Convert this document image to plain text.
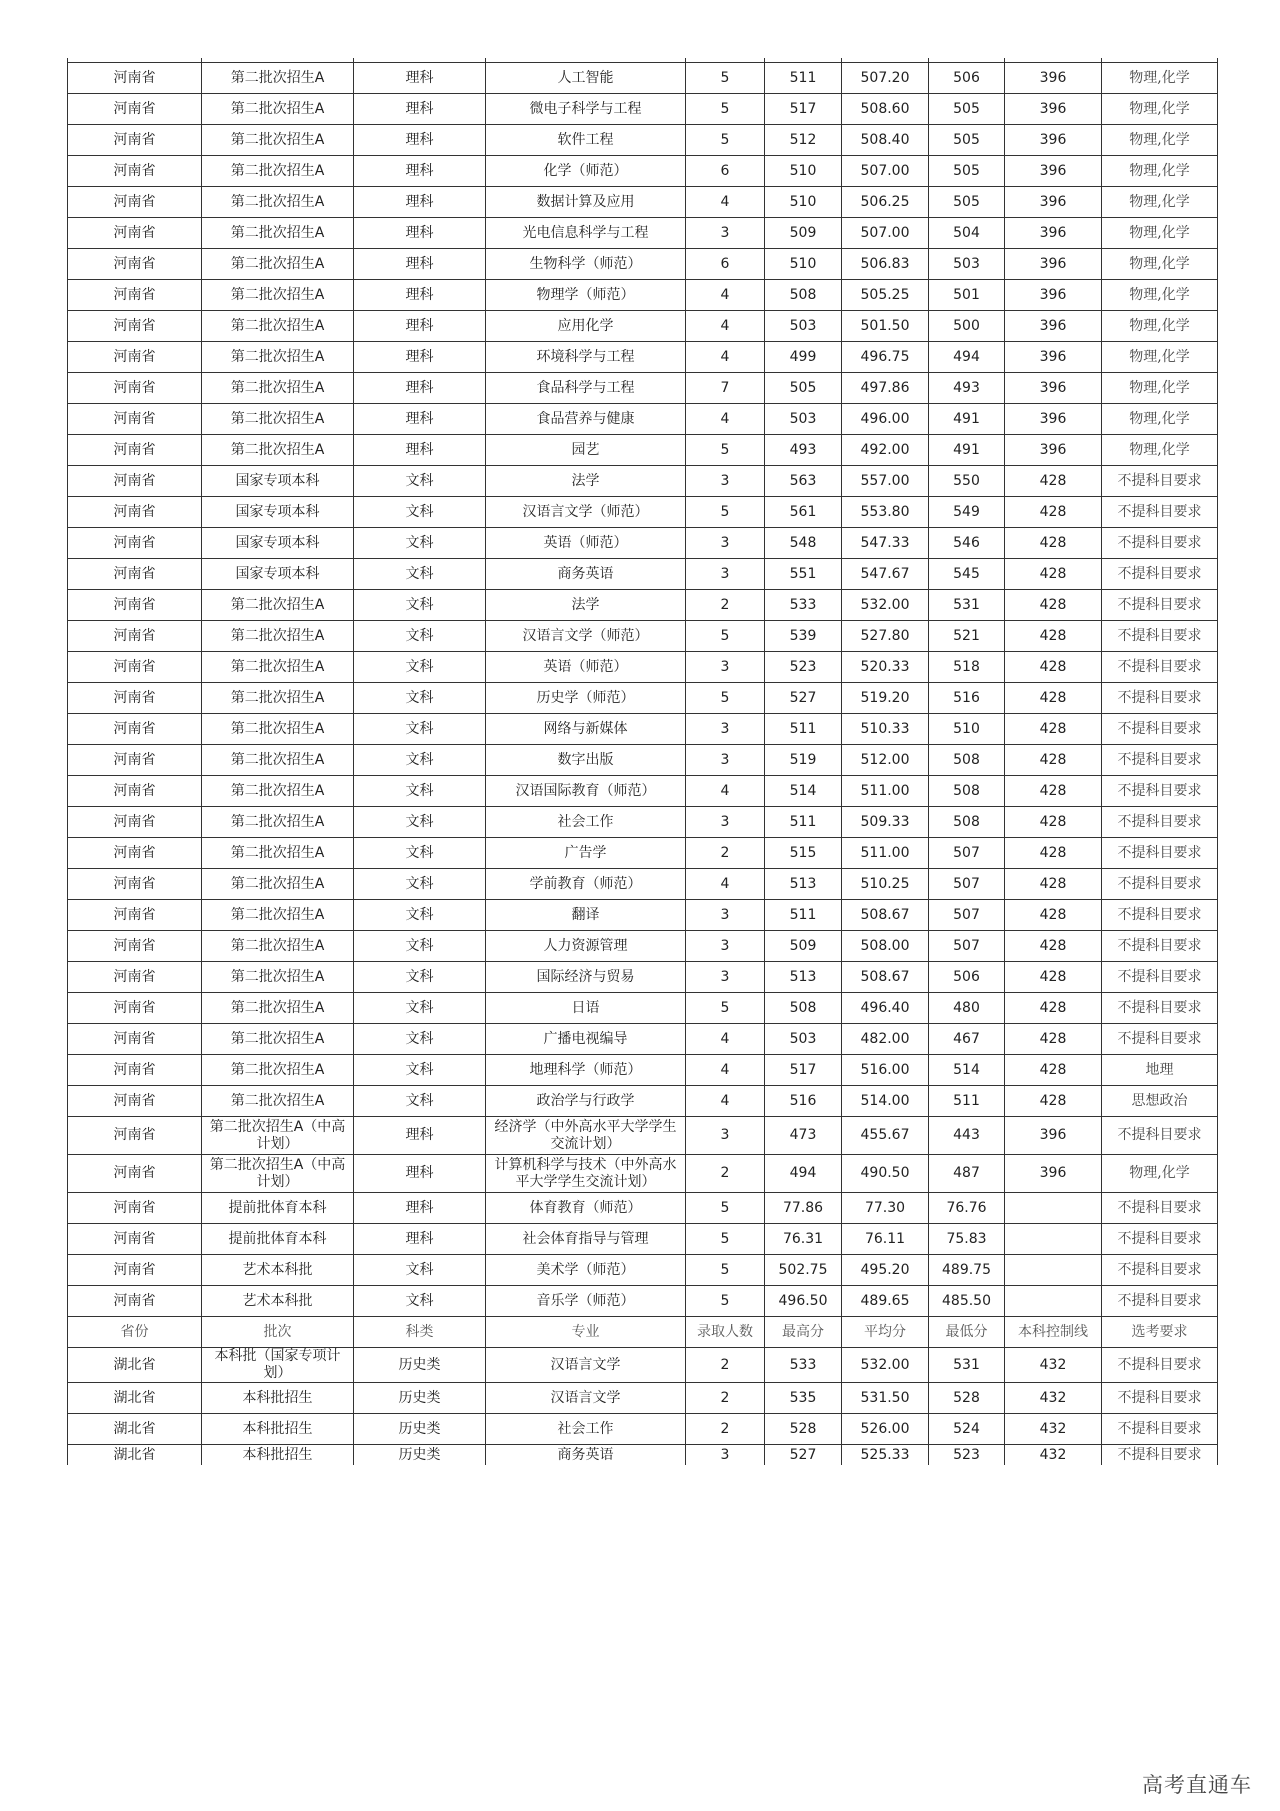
河南省	第二批次招生A	理科	人工智能	5	511	507.20	506	396	物理,化学
河南省	第二批次招生A	理科	微电子科学与工程	5	517	508.60	505	396	物理,化学
河南省	第二批次招生A	理科	软件工程	5	512	508.40	505	396	物理,化学
河南省	第二批次招生A	理科	化学（师范）	6	510	507.00	505	396	物理,化学
河南省	第二批次招生A	理科	数据计算及应用	4	510	506.25	505	396	物理,化学
河南省	第二批次招生A	理科	光电信息科学与工程	3	509	507.00	504	396	物理,化学
河南省	第二批次招生A	理科	生物科学（师范）	6	510	506.83	503	396	物理,化学
河南省	第二批次招生A	理科	物理学（师范）	4	508	505.25	501	396	物理,化学
河南省	第二批次招生A	理科	应用化学	4	503	501.50	500	396	物理,化学
河南省	第二批次招生A	理科	环境科学与工程	4	499	496.75	494	396	物理,化学
河南省	第二批次招生A	理科	食品科学与工程	7	505	497.86	493	396	物理,化学
河南省	第二批次招生A	理科	食品营养与健康	4	503	496.00	491	396	物理,化学
河南省	第二批次招生A	理科	园艺	5	493	492.00	491	396	物理,化学
河南省	国家专项本科	文科	法学	3	563	557.00	550	428	不提科目要求
河南省	国家专项本科	文科	汉语言文学（师范）	5	561	553.80	549	428	不提科目要求
河南省	国家专项本科	文科	英语（师范）	3	548	547.33	546	428	不提科目要求
河南省	国家专项本科	文科	商务英语	3	551	547.67	545	428	不提科目要求
河南省	第二批次招生A	文科	法学	2	533	532.00	531	428	不提科目要求
河南省	第二批次招生A	文科	汉语言文学（师范）	5	539	527.80	521	428	不提科目要求
河南省	第二批次招生A	文科	英语（师范）	3	523	520.33	518	428	不提科目要求
河南省	第二批次招生A	文科	历史学（师范）	5	527	519.20	516	428	不提科目要求
河南省	第二批次招生A	文科	网络与新媒体	3	511	510.33	510	428	不提科目要求
河南省	第二批次招生A	文科	数字出版	3	519	512.00	508	428	不提科目要求
河南省	第二批次招生A	文科	汉语国际教育（师范）	4	514	511.00	508	428	不提科目要求
河南省	第二批次招生A	文科	社会工作	3	511	509.33	508	428	不提科目要求
河南省	第二批次招生A	文科	广告学	2	515	511.00	507	428	不提科目要求
河南省	第二批次招生A	文科	学前教育（师范）	4	513	510.25	507	428	不提科目要求
河南省	第二批次招生A	文科	翻译	3	511	508.67	507	428	不提科目要求
河南省	第二批次招生A	文科	人力资源管理	3	509	508.00	507	428	不提科目要求
河南省	第二批次招生A	文科	国际经济与贸易	3	513	508.67	506	428	不提科目要求
河南省	第二批次招生A	文科	日语	5	508	496.40	480	428	不提科目要求
河南省	第二批次招生A	文科	广播电视编导	4	503	482.00	467	428	不提科目要求
河南省	第二批次招生A	文科	地理科学（师范）	4	517	516.00	514	428	地理
河南省	第二批次招生A	文科	政治学与行政学	4	516	514.00	511	428	思想政治
河南省	第二批次招生A（中高计划）	理科	经济学（中外高水平大学学生交流计划）	3	473	455.67	443	396	不提科目要求
河南省	第二批次招生A（中高计划）	理科	计算机科学与技术（中外高水平大学学生交流计划）	2	494	490.50	487	396	物理,化学
河南省	提前批体育本科	理科	体育教育（师范）	5	77.86	77.30	76.76		不提科目要求
河南省	提前批体育本科	理科	社会体育指导与管理	5	76.31	76.11	75.83		不提科目要求
河南省	艺术本科批	文科	美术学（师范）	5	502.75	495.20	489.75		不提科目要求
河南省	艺术本科批	文科	音乐学（师范）	5	496.50	489.65	485.50		不提科目要求
省份	批次	科类	专业	录取人数	最高分	平均分	最低分	本科控制线	选考要求
湖北省	本科批（国家专项计划）	历史类	汉语言文学	2	533	532.00	531	432	不提科目要求
湖北省	本科批招生	历史类	汉语言文学	2	535	531.50	528	432	不提科目要求
湖北省	本科批招生	历史类	社会工作	2	528	526.00	524	432	不提科目要求
湖北省	本科批招生	历史类	商务英语	3	527	525.33	523	432	不提科目要求
高考直通车
